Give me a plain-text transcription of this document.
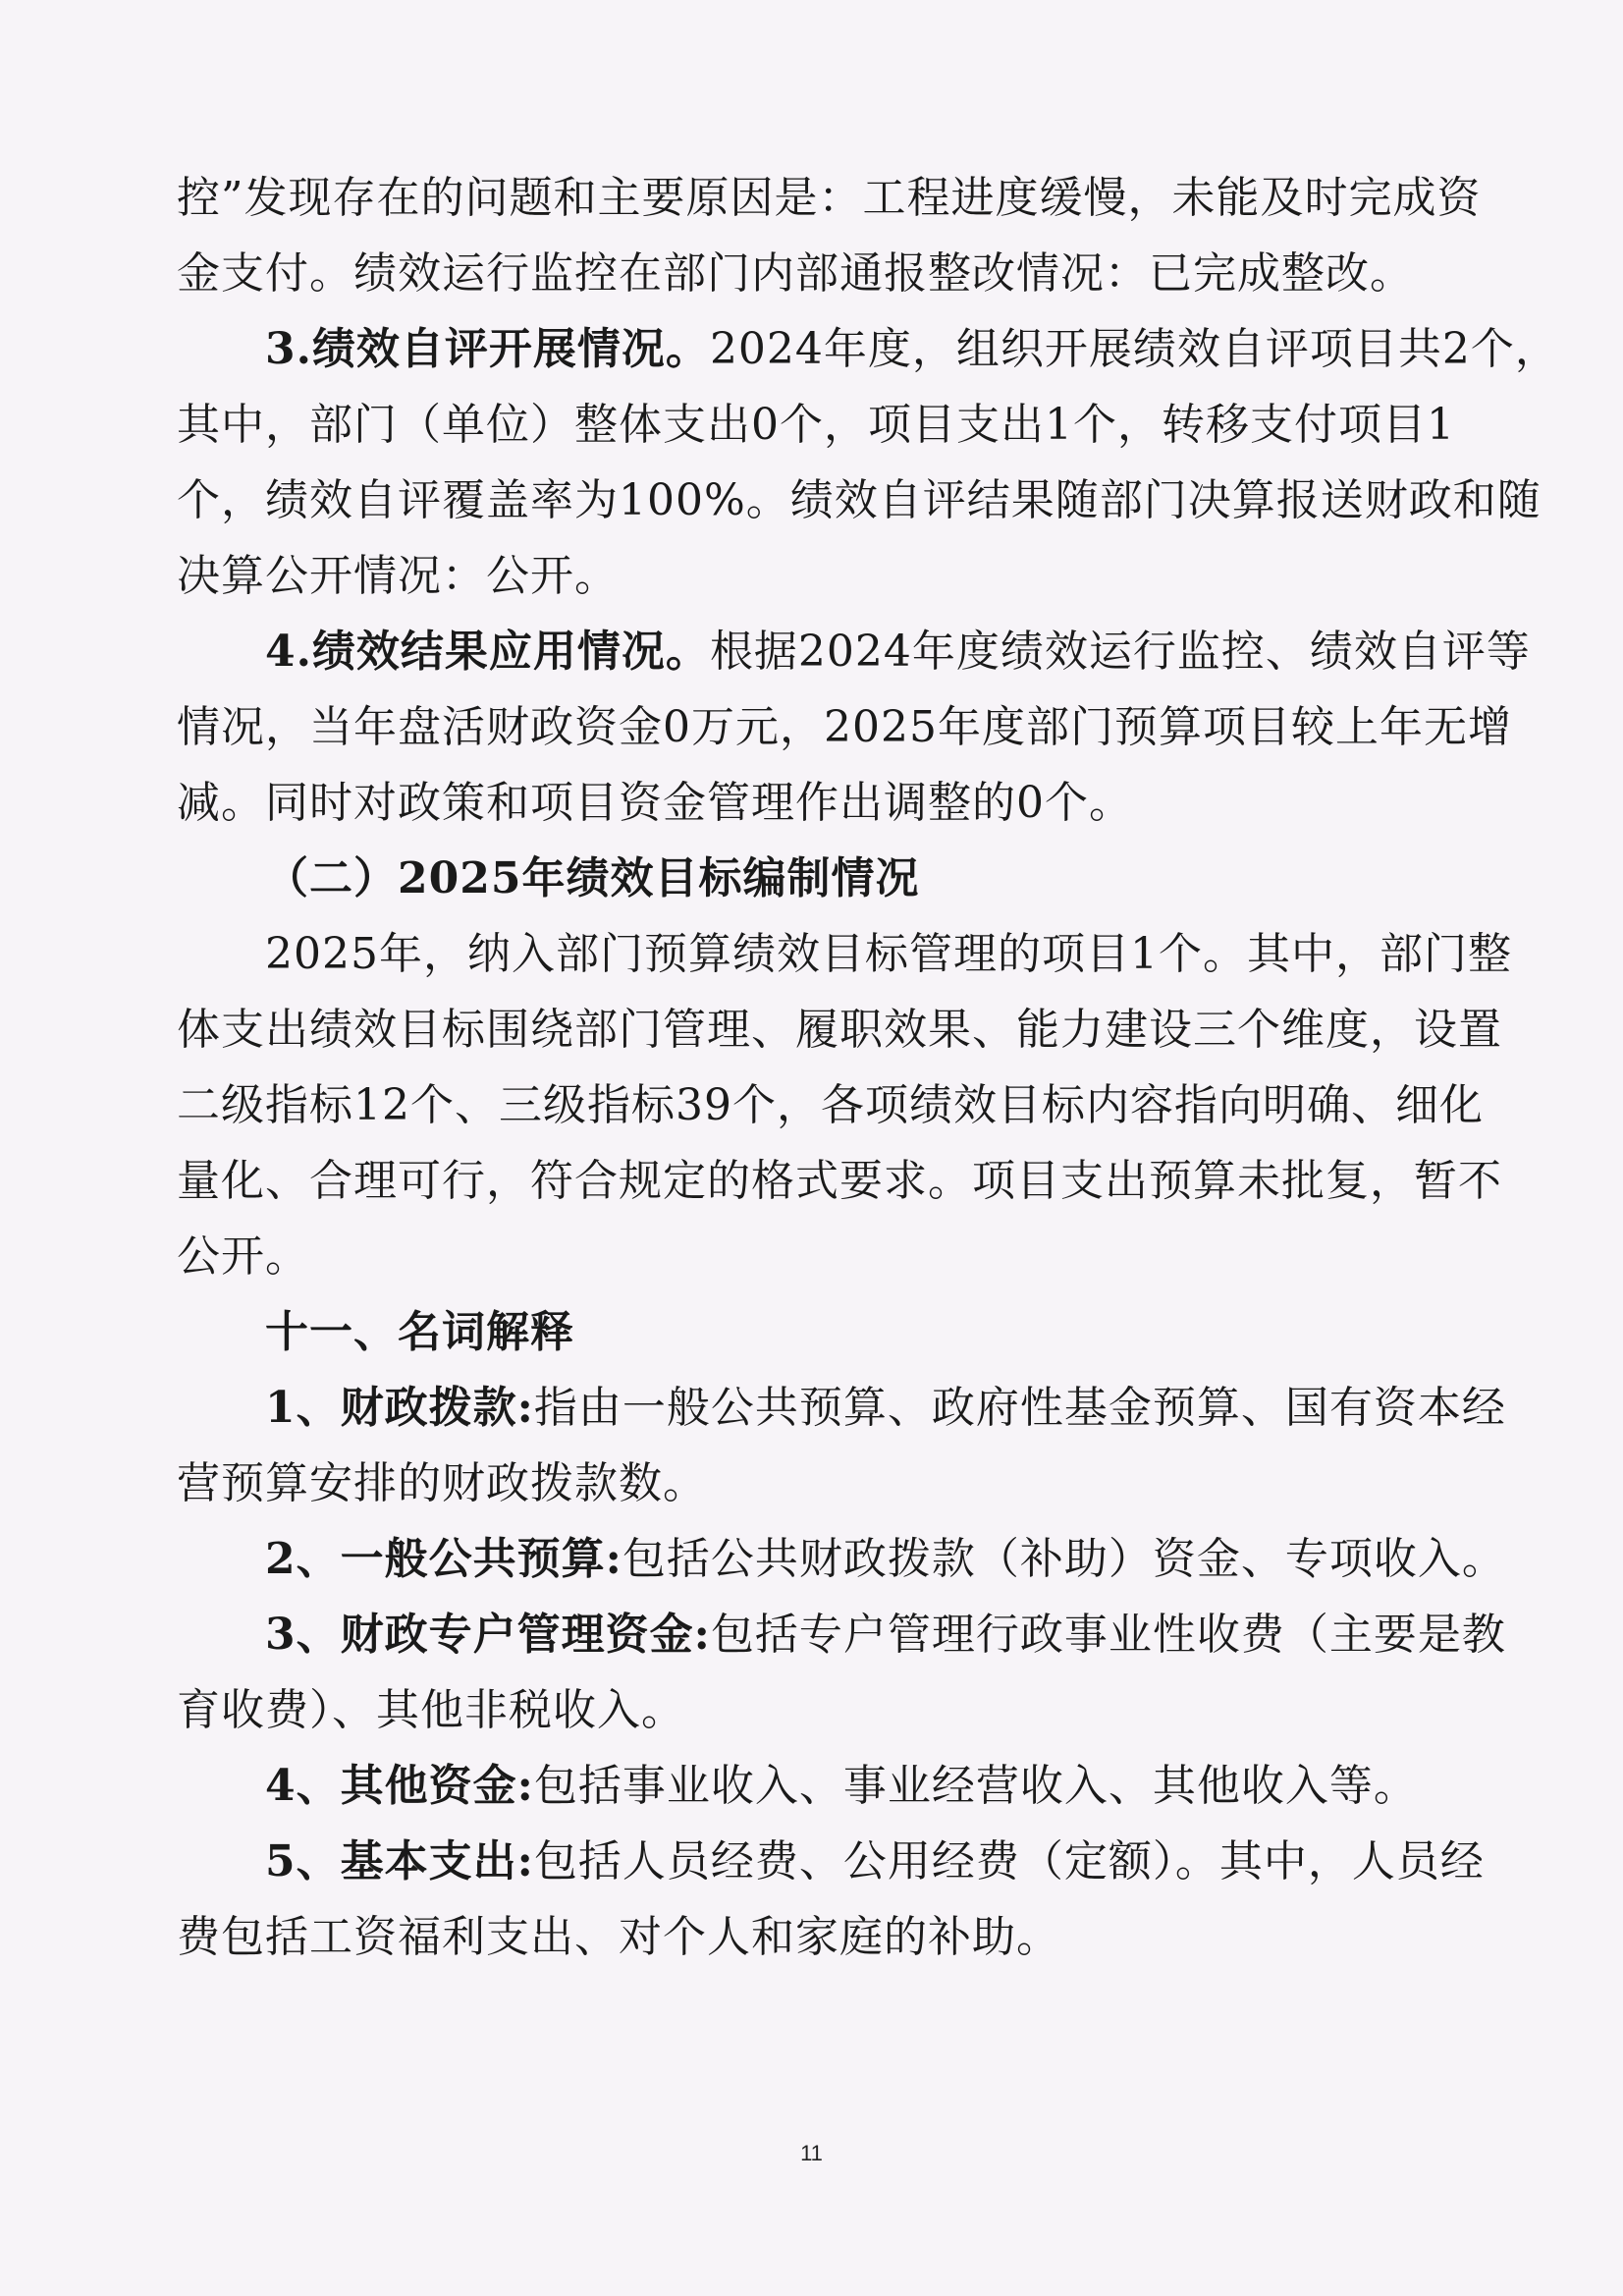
控”发现存在的问题和主要原因是：工程进度缓慢，未能及时完成资
金支付。绩效运行监控在部门内部通报整改情况：已完成整改。
3.绩效自评开展情况。2024年度，组织开展绩效自评项目共2个，
其中，部门（单位）整体支出0个，项目支出1个，转移支付项目1
个，绩效自评覆盖率为100%。绩效自评结果随部门决算报送财政和随
决算公开情况：公开。
4.绩效结果应用情况。根据2024年度绩效运行监控、绩效自评等
情况，当年盘活财政资金0万元，2025年度部门预算项目较上年无增
减。同时对政策和项目资金管理作出调整的0个。
（二）2025年绩效目标编制情况
2025年，纳入部门预算绩效目标管理的项目1个。其中，部门整
体支出绩效目标围绕部门管理、履职效果、能力建设三个维度，设置
二级指标12个、三级指标39个，各项绩效目标内容指向明确、细化
量化、合理可行，符合规定的格式要求。项目支出预算未批复，暂不
公开。
十一、名词解释
1、财政拨款:指由一般公共预算、政府性基金预算、国有资本经
营预算安排的财政拨款数。
2、一般公共预算:包括公共财政拨款（补助）资金、专项收入。
3、财政专户管理资金:包括专户管理行政事业性收费（主要是教
育收费）、其他非税收入。
4、其他资金:包括事业收入、事业经营收入、其他收入等。
5、基本支出:包括人员经费、公用经费（定额）。其中，人员经
费包括工资福利支出、对个人和家庭的补助。
11
